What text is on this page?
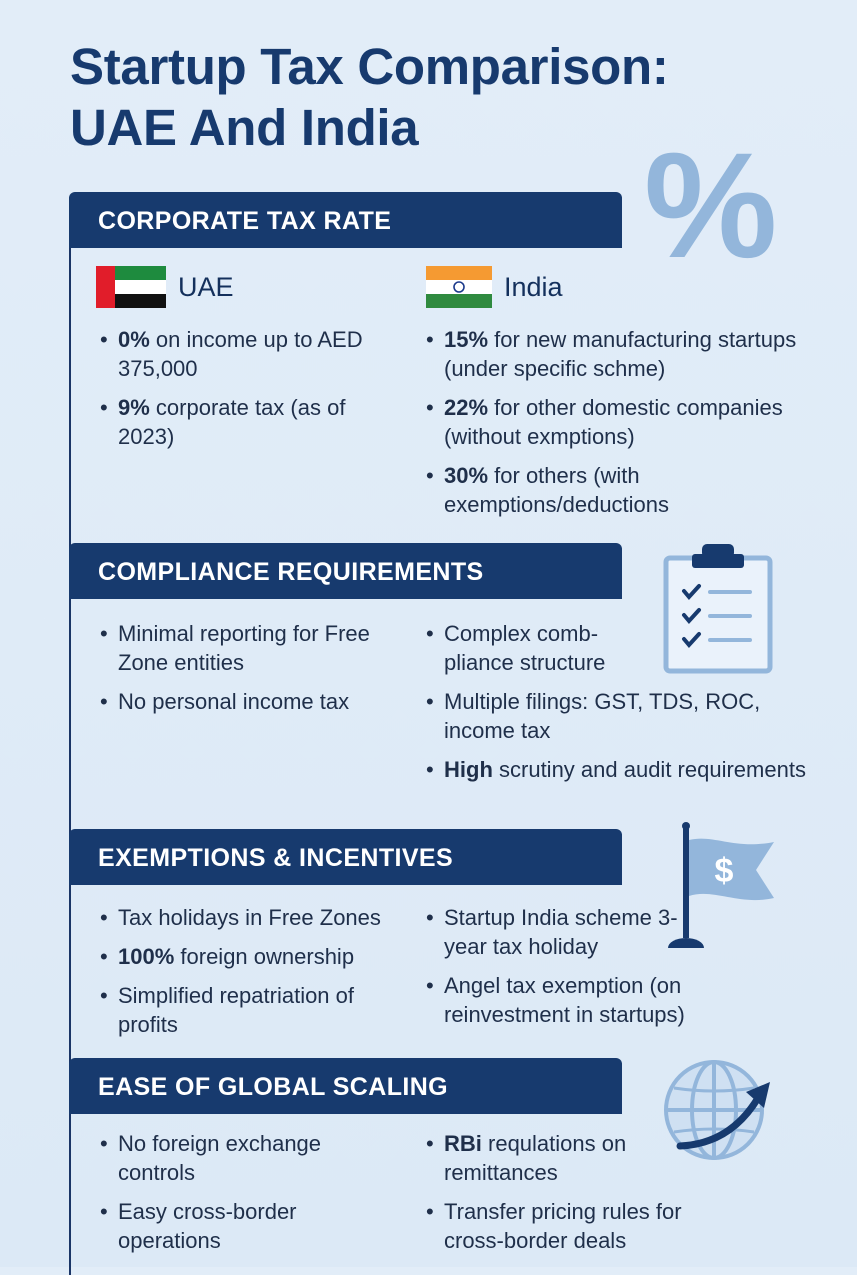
Startup Tax Comparison:
UAE And India	%
CORPORATE TAX RATE
UAE	India
• 0% on income up to AED 375,000
• 9% corporate tax (as of 2023)
• 15% for new manufacturing startups (under specific schme)
• 22% for other domestic companies (without exmptions)
• 30% for others (with exemptions/deductions
COMPLIANCE REQUIREMENTS
• Minimal reporting for Free Zone entities
• No personal income tax
• Complex comb-pliance structure
• Multiple filings: GST, TDS, ROC, income tax
• High scrutiny and audit requirements
EXEMPTIONS & INCENTIVES	$
• Tax holidays in Free Zones
• 100% foreign ownership
• Simplified repatriation of profits
• Startup India scheme 3-year tax holiday
• Angel tax exemption (on reinvestment in startups)
EASE OF GLOBAL SCALING
• No foreign exchange controls
• Easy cross-border operations
• RBi requlations on remittances
• Transfer pricing rules for cross-border deals
